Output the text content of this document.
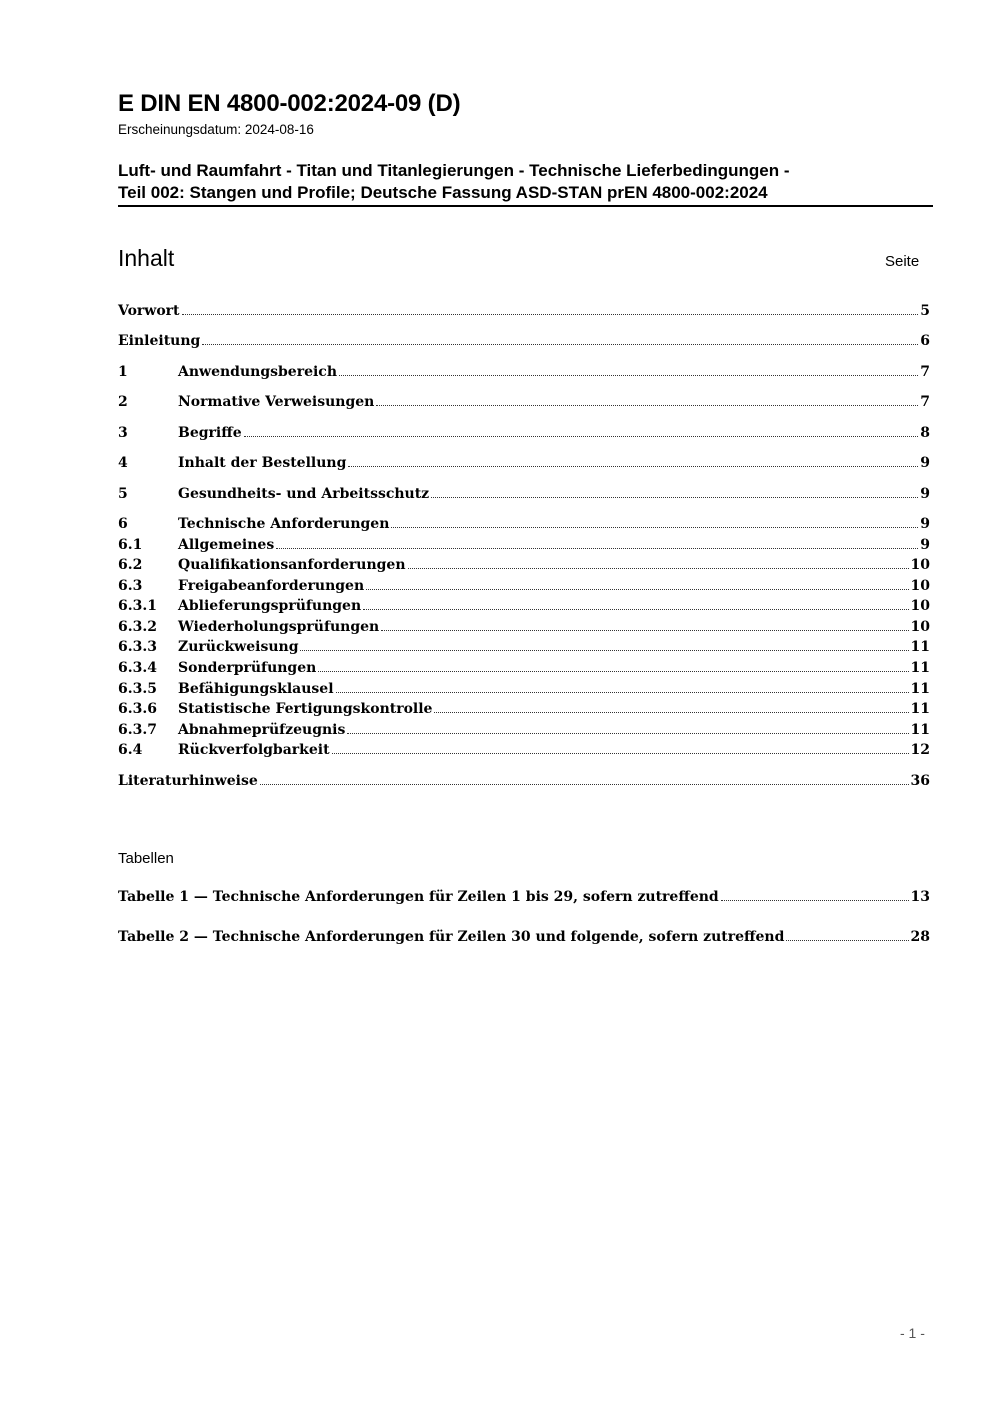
E DIN EN 4800-002:2024-09 (D)
Erscheinungsdatum: 2024-08-16
Luft- und Raumfahrt - Titan und Titanlegierungen - Technische Lieferbedingungen -
Teil 002: Stangen und Profile; Deutsche Fassung ASD-STAN prEN 4800-002:2024
Inhalt	Seite
Vorwort	5
Einleitung	6
1	Anwendungsbereich	7
2	Normative Verweisungen	7
3	Begriffe	8
4	Inhalt der Bestellung	9
5	Gesundheits- und Arbeitsschutz	9
6	Technische Anforderungen	9
6.1	Allgemeines	9
6.2	Qualifikationsanforderungen	10
6.3	Freigabeanforderungen	10
6.3.1	Ablieferungsprüfungen	10
6.3.2	Wiederholungsprüfungen	10
6.3.3	Zurückweisung	11
6.3.4	Sonderprüfungen	11
6.3.5	Befähigungsklausel	11
6.3.6	Statistische Fertigungskontrolle	11
6.3.7	Abnahmeprüfzeugnis	11
6.4	Rückverfolgbarkeit	12
Literaturhinweise	36
Tabellen
Tabelle 1 — Technische Anforderungen für Zeilen 1 bis 29, sofern zutreffend	13
Tabelle 2 — Technische Anforderungen für Zeilen 30 und folgende, sofern zutreffend	28
- 1 -
